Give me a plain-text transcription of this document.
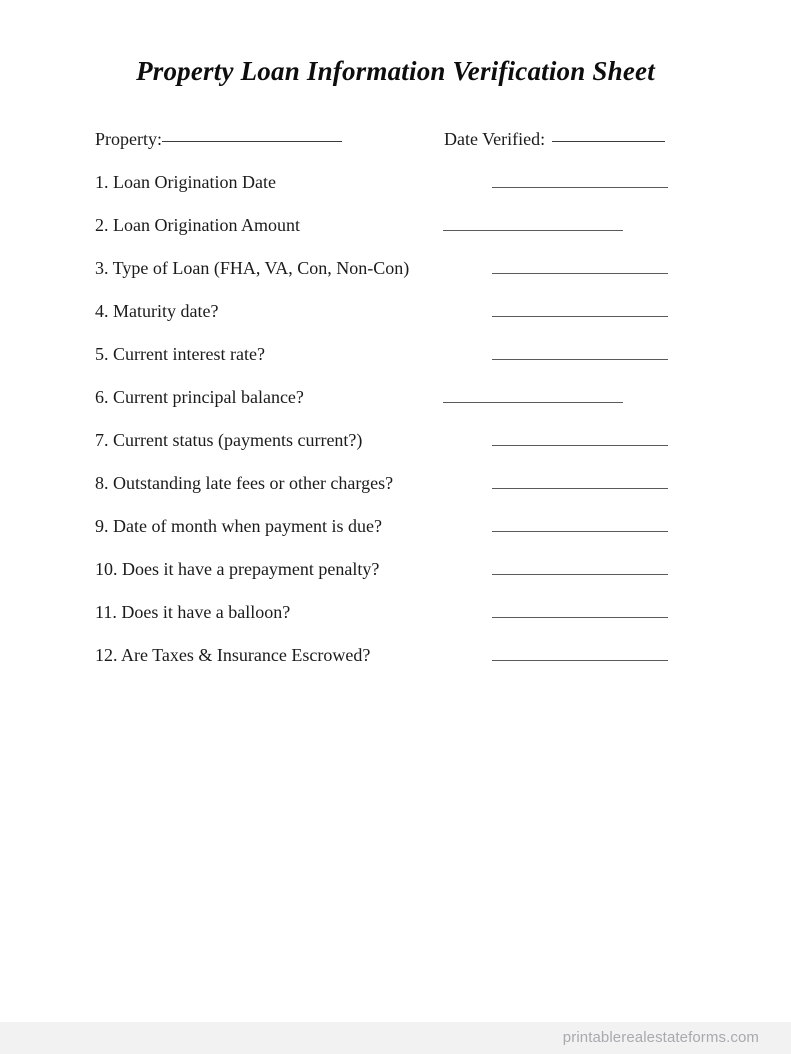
Property Loan Information Verification Sheet
Property:	Date Verified:
1. Loan Origination Date
2. Loan Origination Amount
3. Type of Loan (FHA, VA, Con, Non-Con)
4. Maturity date?
5. Current interest rate?
6. Current principal balance?
7. Current status (payments current?)
8. Outstanding late fees or other charges?
9. Date of month when payment is due?
10. Does it have a prepayment penalty?
11. Does it have a balloon?
12. Are Taxes & Insurance Escrowed?
printablerealestateforms.com
